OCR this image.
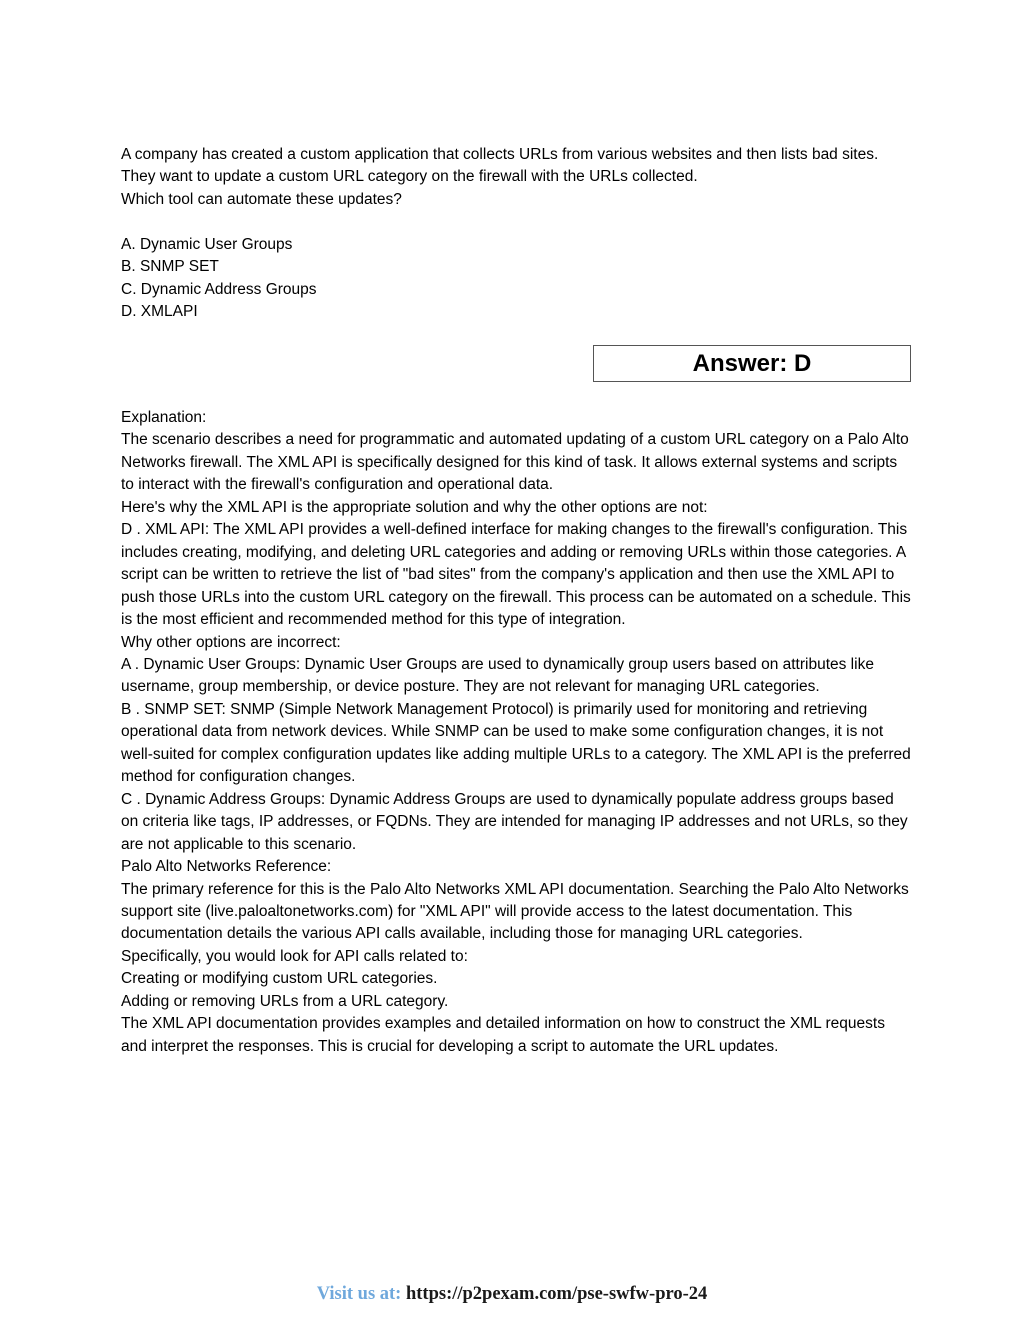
A company has created a custom application that collects URLs from various websites and then lists bad sites. They want to update a custom URL category on the firewall with the URLs collected.

Which tool can automate these updates?

A. Dynamic User Groups
B. SNMP SET
C. Dynamic Address Groups
D. XMLAPI
Answer: D

Explanation:

The scenario describes a need for programmatic and automated updating of a custom URL category on a Palo Alto Networks firewall. The XML API is specifically designed for this kind of task. It allows external systems and scripts to interact with the firewall's configuration and operational data.

Here's why the XML API is the appropriate solution and why the other options are not:

D . XML API: The XML API provides a well-defined interface for making changes to the firewall's configuration. This includes creating, modifying, and deleting URL categories and adding or removing URLs within those categories. A script can be written to retrieve the list of "bad sites" from the company's application and then use the XML API to push those URLs into the custom URL category on the firewall. This process can be automated on a schedule. This is the most efficient and recommended method for this type of integration.

Why other options are incorrect:

A . Dynamic User Groups: Dynamic User Groups are used to dynamically group users based on attributes like username, group membership, or device posture. They are not relevant for managing URL categories.

B . SNMP SET: SNMP (Simple Network Management Protocol) is primarily used for monitoring and retrieving operational data from network devices. While SNMP can be used to make some configuration changes, it is not well-suited for complex configuration updates like adding multiple URLs to a category. The XML API is the preferred method for configuration changes.

C . Dynamic Address Groups: Dynamic Address Groups are used to dynamically populate address groups based on criteria like tags, IP addresses, or FQDNs. They are intended for managing IP addresses and not URLs, so they are not applicable to this scenario.

Palo Alto Networks Reference:

The primary reference for this is the Palo Alto Networks XML API documentation. Searching the Palo Alto Networks support site (live.paloaltonetworks.com) for "XML API" will provide access to the latest documentation. This documentation details the various API calls available, including those for managing URL categories.

Specifically, you would look for API calls related to:

Creating or modifying custom URL categories.

Adding or removing URLs from a URL category.

The XML API documentation provides examples and detailed information on how to construct the XML requests and interpret the responses. This is crucial for developing a script to automate the URL updates.

Visit us at: https://p2pexam.com/pse-swfw-pro-24
